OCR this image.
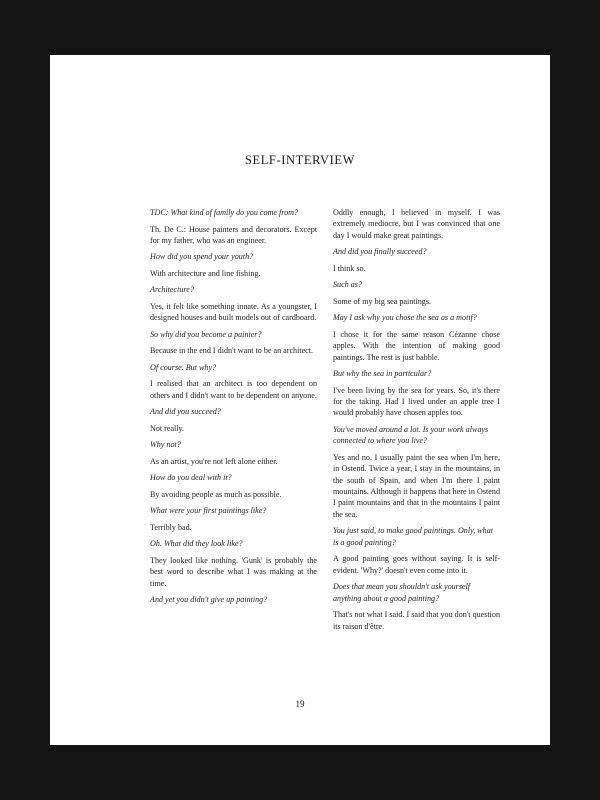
SELF-INTERVIEW

TDC: What kind of family do you come from?

Th. De C.: House painters and decorators. Except for my father, who was an engineer.

How did you spend your youth?

With architecture and line fishing.

Architecture?

Yes, it felt like something innate. As a youngster, I designed houses and built models out of cardboard.

So why did you become a painter?

Because in the end I didn't want to be an architect.

Of course. But why?

I realised that an architect is too dependent on others and I didn't want to be dependent on anyone.

And did you succeed?

Not really.

Why not?

As an artist, you're not left alone either.

How do you deal with it?

By avoiding people as much as possible.

What were your first paintings like?

Terribly bad.

Oh. What did they look like?

They looked like nothing. 'Gunk' is probably the best word to describe what I was making at the time.

And yet you didn't give up painting?

Oddly enough, I believed in myself. I was extremely mediocre, but I was convinced that one day I would make great paintings.

And did you finally succeed?

I think so.

Such as?

Some of my big sea paintings.

May I ask why you chose the sea as a motif?

I chose it for the same reason Cézanne chose apples. With the intention of making good paintings. The rest is just babble.

But why the sea in particular?

I've been living by the sea for years. So, it's there for the taking. Had I lived under an apple tree I would probably have chosen apples too.

You've moved around a lot. Is your work always connected to where you live?

Yes and no. I usually paint the sea when I'm here, in Ostend. Twice a year, I stay in the mountains, in the south of Spain, and when I'm there I paint mountains. Although it happens that here in Ostend I paint mountains and that in the mountains I paint the sea.

You just said, to make good paintings. Only, what is a good painting?

A good painting goes without saying. It is self-evident. 'Why?' doesn't even come into it.

Does that mean you shouldn't ask yourself anything about a good painting?

That's not what I said. I said that you don't question its raison d'être.

19
